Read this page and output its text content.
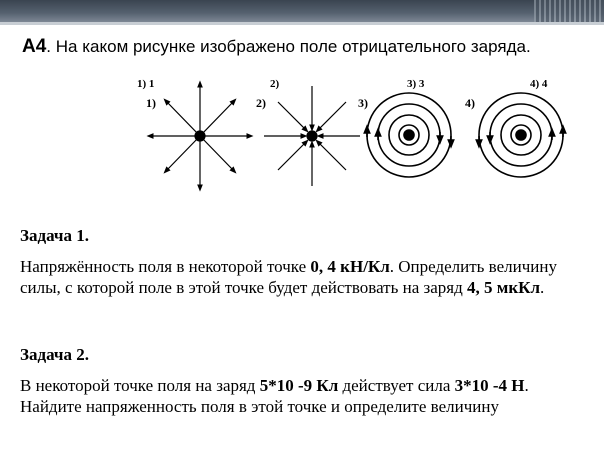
A4. На каком рисунке изображено поле отрицательного заряда.
1) 1
1)
2)
2)
3) 3
3)
4) 4
4)
Задача 1.
Напряжённость поля в некоторой точке 0, 4 кН/Кл. Определить величину силы, с которой поле в этой точке будет действовать на заряд 4, 5 мкКл.
Задача 2.
В некоторой точке поля на заряд 5*10 -9 Кл действует сила 3*10 -4 Н.
Найдите напряженность поля в этой точке и определите величину
